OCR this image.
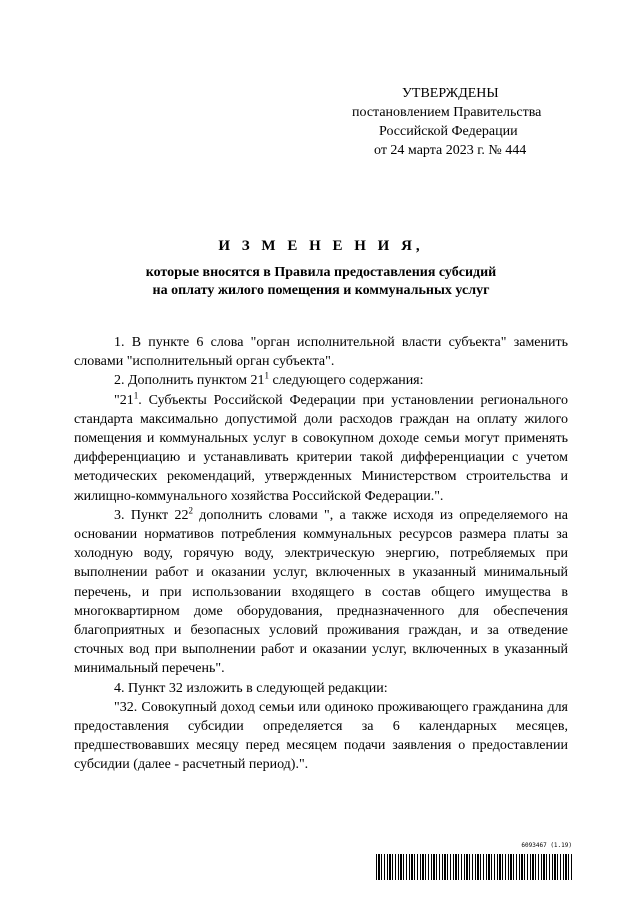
УТВЕРЖДЕНЫ
постановлением Правительства
Российской Федерации
от 24 марта 2023 г. № 444
И З М Е Н Е Н И Я,
которые вносятся в Правила предоставления субсидий
на оплату жилого помещения и коммунальных услуг

1. В пункте 6 слова "орган исполнительной власти субъекта" заменить словами "исполнительный орган субъекта".

2. Дополнить пунктом $21^1$ следующего содержания:

"$21^1$. Субъекты Российской Федерации при установлении регионального стандарта максимально допустимой доли расходов граждан на оплату жилого помещения и коммунальных услуг в совокупном доходе семьи могут применять дифференциацию и устанавливать критерии такой дифференциации с учетом методических рекомендаций, утвержденных Министерством строительства и жилищно-коммунального хозяйства Российской Федерации.".

3. Пункт $22^2$ дополнить словами ", а также исходя из определяемого на основании нормативов потребления коммунальных ресурсов размера платы за холодную воду, горячую воду, электрическую энергию, потребляемых при выполнении работ и оказании услуг, включенных в указанный минимальный перечень, и при использовании входящего в состав общего имущества в многоквартирном доме оборудования, предназначенного для обеспечения благоприятных и безопасных условий проживания граждан, и за отведение сточных вод при выполнении работ и оказании услуг, включенных в указанный минимальный перечень".

4. Пункт 32 изложить в следующей редакции:

"32. Совокупный доход семьи или одиноко проживающего гражданина для предоставления субсидии определяется за 6 календарных месяцев, предшествовавших месяцу перед месяцем подачи заявления о предоставлении субсидии (далее - расчетный период).".

6093467 (1.19)
